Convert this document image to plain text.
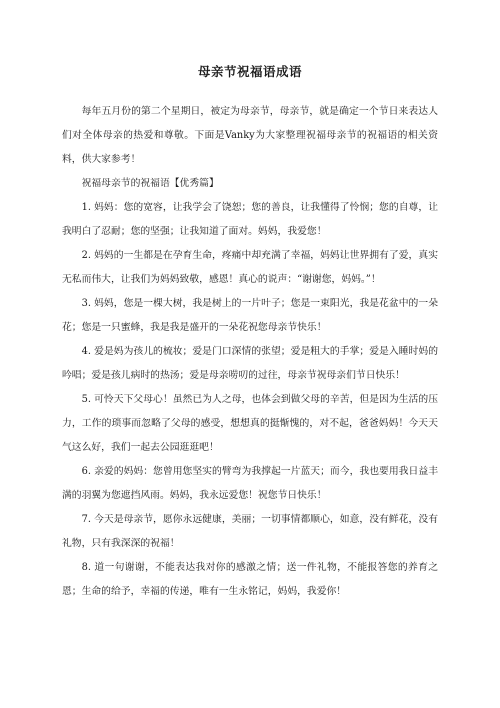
母亲节祝福语成语

每年五月份的第二个星期日，被定为母亲节，母亲节，就是确定一个节日来表达人们对全体母亲的热爱和尊敬。下面是Vanky为大家整理祝福母亲节的祝福语的相关资料，供大家参考！

祝福母亲节的祝福语【优秀篇】

1. 妈妈：您的宽容，让我学会了饶恕；您的善良，让我懂得了怜悯；您的自尊，让我明白了忍耐；您的坚强；让我知道了面对。妈妈，我爱您！

2. 妈妈的一生都是在孕育生命，疼痛中却充满了幸福，妈妈让世界拥有了爱，真实无私而伟大，让我们为妈妈致敬，感恩！真心的说声：“谢谢您，妈妈。”！

3. 妈妈，您是一棵大树，我是树上的一片叶子；您是一束阳光，我是花盆中的一朵花；您是一只蜜蜂，我是我是盛开的一朵花祝您母亲节快乐！

4. 爱是妈为孩儿的梳妆；爱是门口深情的张望；爱是粗大的手掌；爱是入睡时妈的吟唱；爱是孩儿病时的热汤；爱是母亲唠叨的过往，母亲节祝母亲们节日快乐！

5. 可怜天下父母心！虽然已为人之母，也体会到做父母的辛苦，但是因为生活的压力，工作的琐事而忽略了父母的感受，想想真的挺惭愧的，对不起，爸爸妈妈！今天天气这么好，我们一起去公园逛逛吧！

6. 亲爱的妈妈：您曾用您坚实的臂弯为我撑起一片蓝天；而今，我也要用我日益丰满的羽翼为您遮挡风雨。妈妈，我永远爱您！祝您节日快乐！

7. 今天是母亲节，愿你永远健康，美丽；一切事情都顺心，如意，没有鲜花，没有礼物，只有我深深的祝福！

8. 道一句谢谢，不能表达我对你的感激之情；送一件礼物，不能报答您的养育之恩；生命的给予，幸福的传递，唯有一生永铭记，妈妈，我爱你！
